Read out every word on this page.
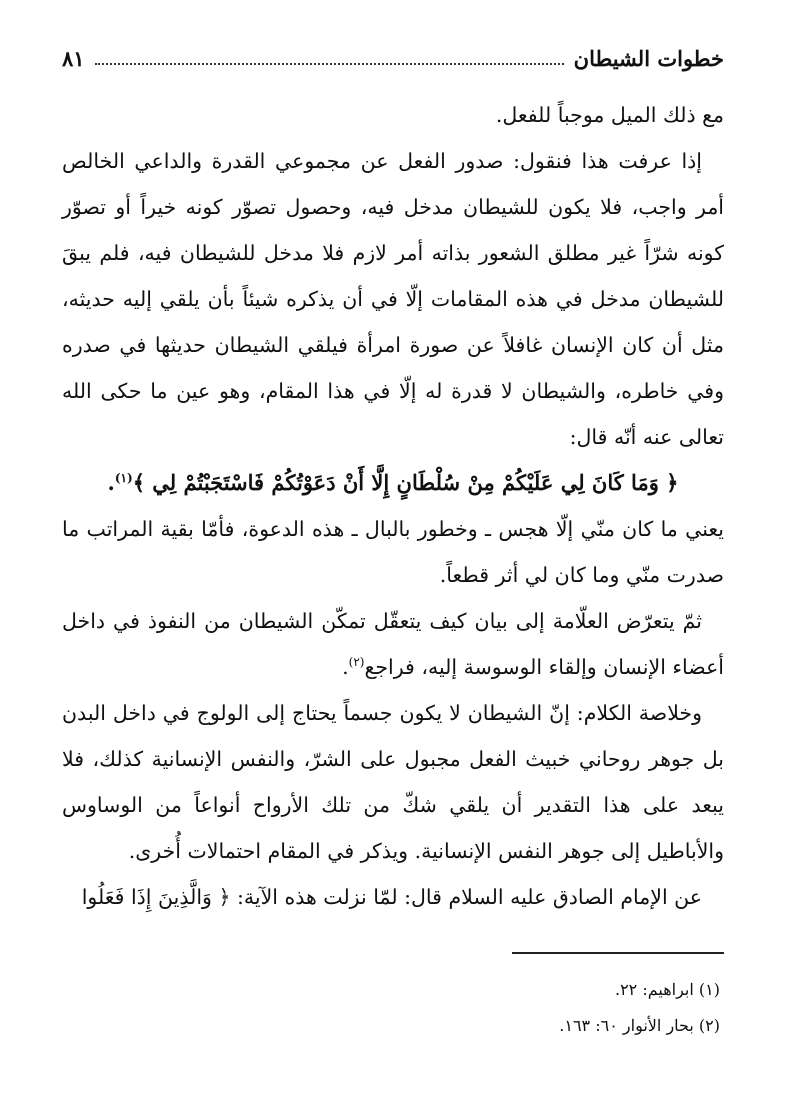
خطوات الشيطان
٨١

مع ذلك الميل موجباً للفعل.

إذا عرفت هذا فنقول: صدور الفعل عن مجموعي القدرة والداعي الخالص أمر واجب، فلا يكون للشيطان مدخل فيه، وحصول تصوّر كونه خيراً أو تصوّر كونه شرّاً غير مطلق الشعور بذاته أمر لازم فلا مدخل للشيطان فيه، فلم يبقَ للشيطان مدخل في هذه المقامات إلّا في أن يذكره شيئاً بأن يلقي إليه حديثه، مثل أن كان الإنسان غافلاً عن صورة امرأة فيلقي الشيطان حديثها في صدره وفي خاطره، والشيطان لا قدرة له إلّا في هذا المقام، وهو عين ما حكى الله تعالى عنه أنّه قال:

﴿ وَمَا كَانَ لِي عَلَيْكُمْ مِنْ سُلْطَانٍ إِلَّا أَنْ دَعَوْتُكُمْ فَاسْتَجَبْتُمْ لِي ﴾$^{(١)}$.

يعني ما كان منّي إلّا هجس ـ وخطور بالبال ـ هذه الدعوة، فأمّا بقية المراتب ما صدرت منّي وما كان لي أثر قطعاً.

ثمّ يتعرّض العلّامة إلى بيان كيف يتعقّل تمكّن الشيطان من النفوذ في داخل أعضاء الإنسان وإلقاء الوسوسة إليه، فراجع$^{(٢)}$.

وخلاصة الكلام: إنّ الشيطان لا يكون جسماً يحتاج إلى الولوج في داخل البدن بل جوهر روحاني خبيث الفعل مجبول على الشرّ، والنفس الإنسانية كذلك، فلا يبعد على هذا التقدير أن يلقي شكّ من تلك الأرواح أنواعاً من الوساوس والأباطيل إلى جوهر النفس الإنسانية. ويذكر في المقام احتمالات أُخرى.

عن الإمام الصادق عليه السلام قال: لمّا نزلت هذه الآية: ﴿ وَالَّذِينَ إِذَا فَعَلُوا

(١) ابراهيم: ٢٢.

(٢) بحار الأنوار ٦٠: ١٦٣.
